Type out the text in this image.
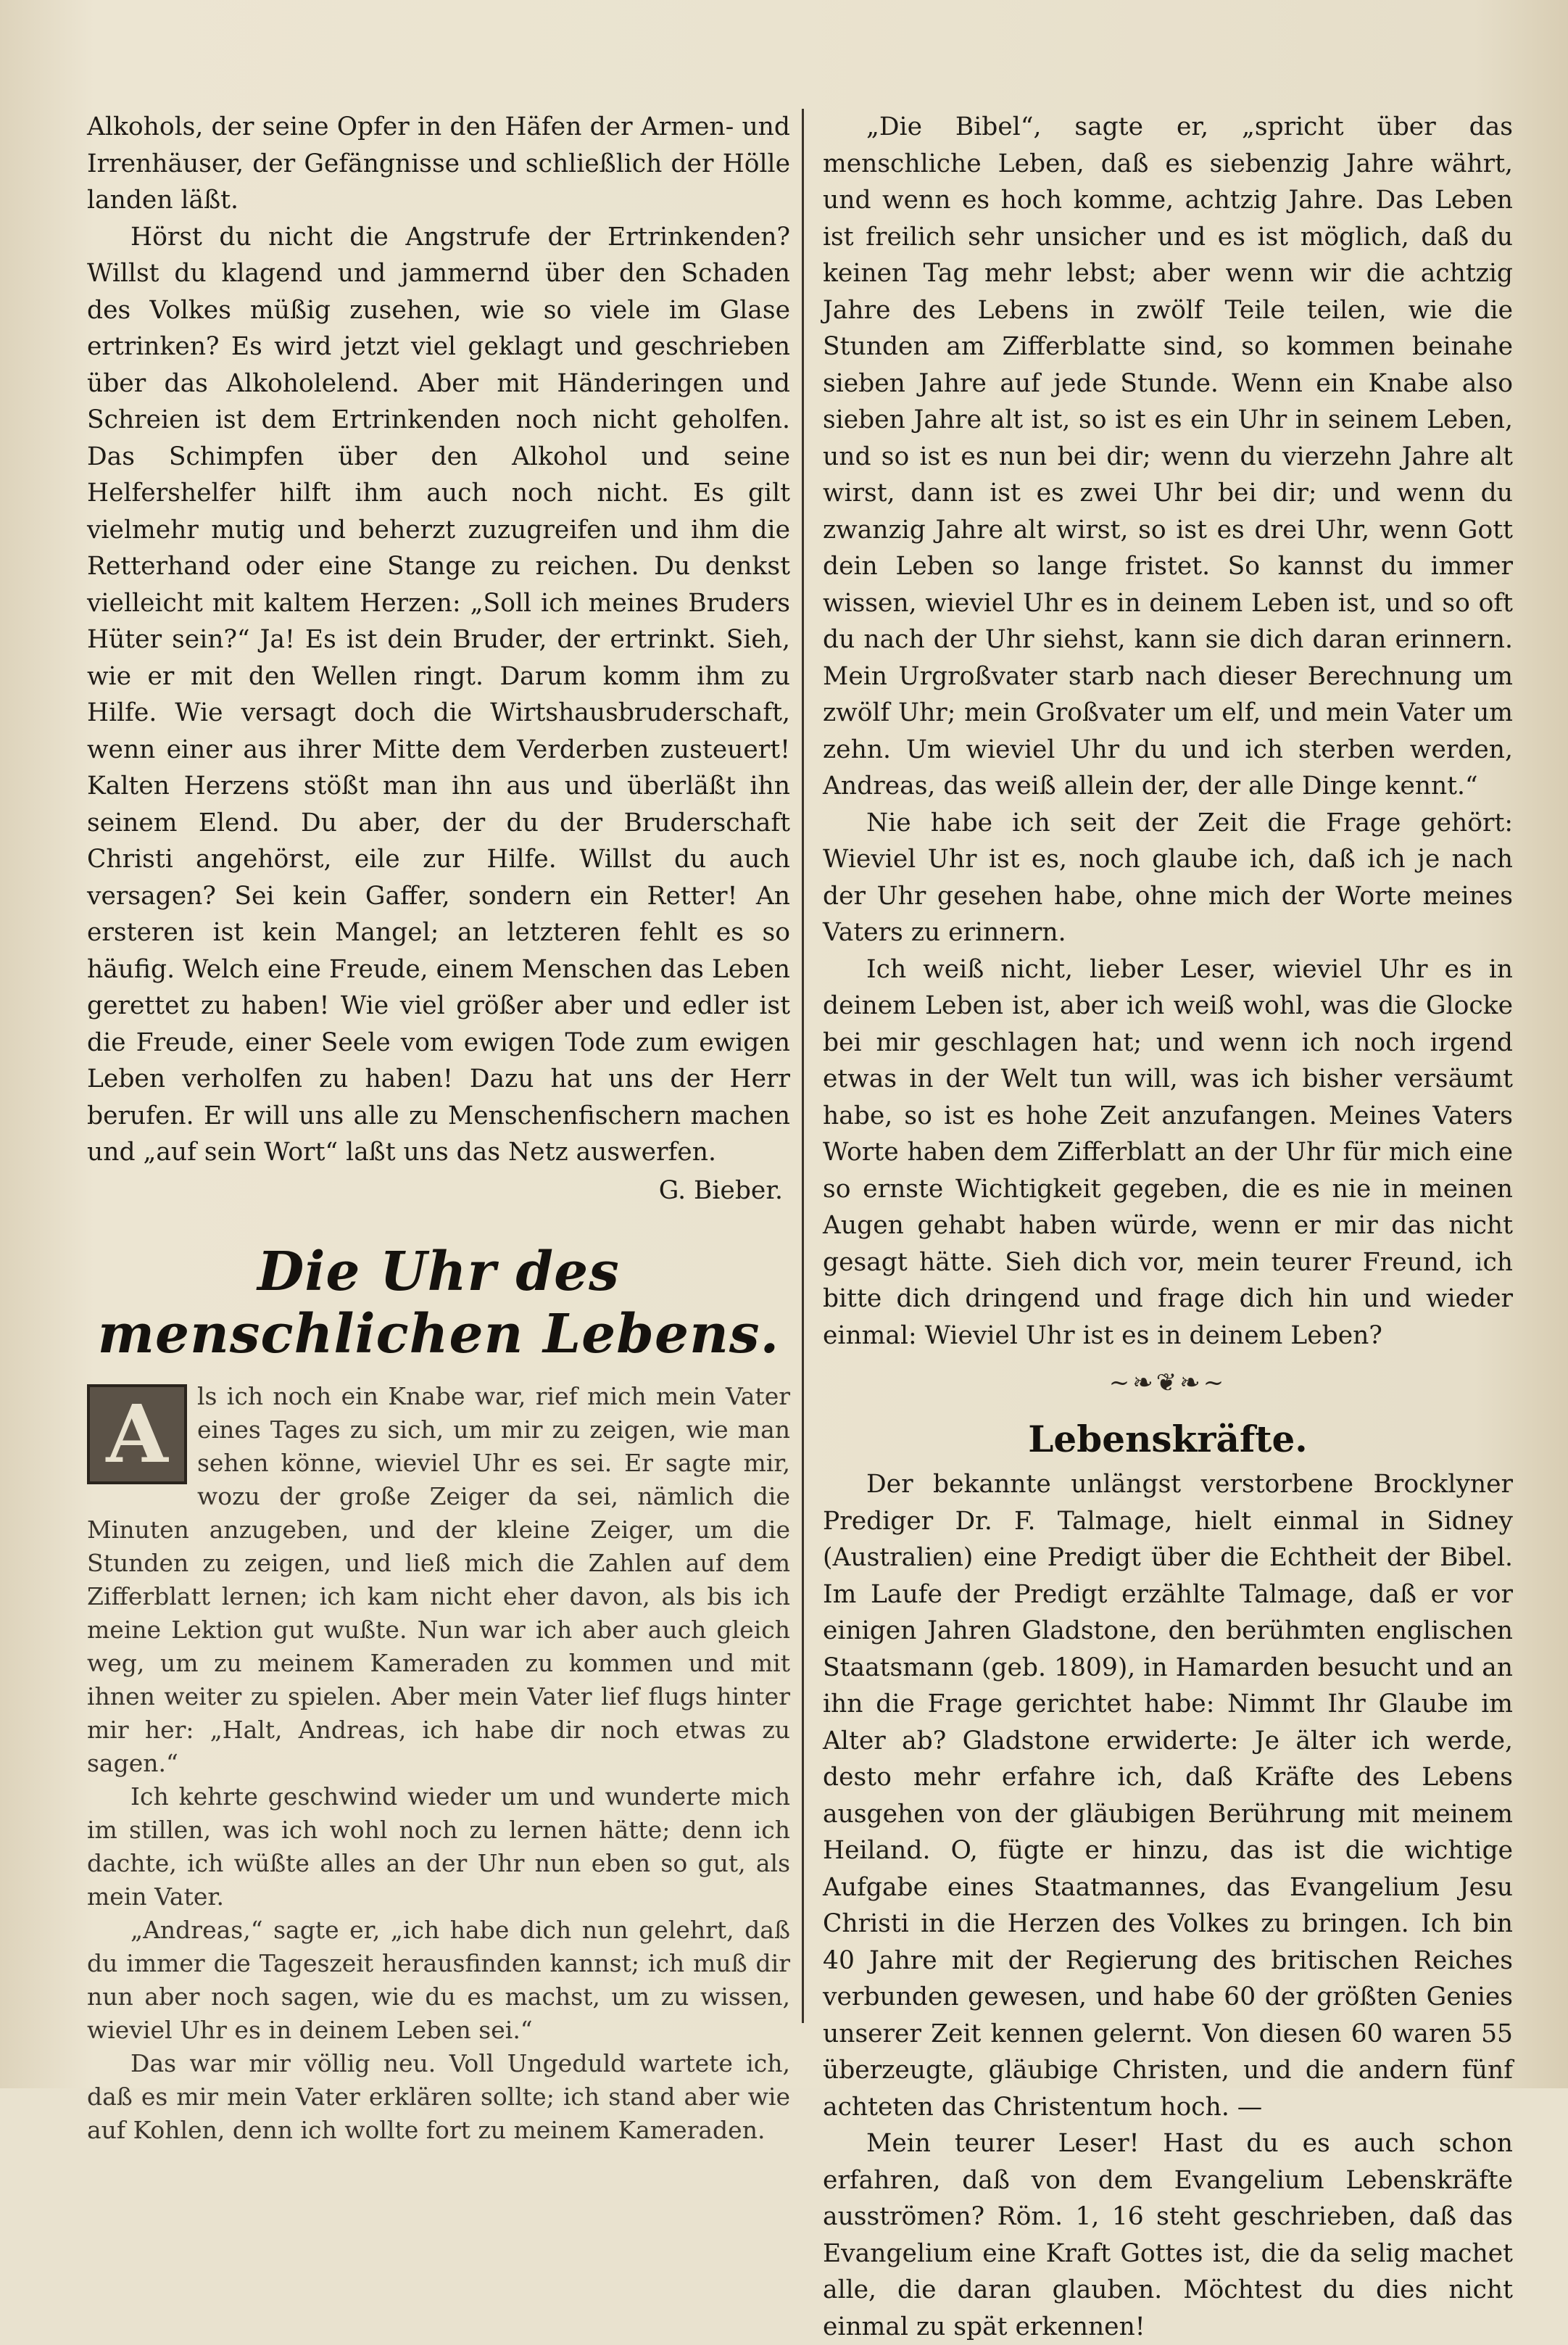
Alkohols, der seine Opfer in den Häfen der Armen- und Irrenhäuser, der Gefängnisse und schließlich der Hölle landen läßt.

Hörst du nicht die Angstrufe der Ertrinkenden? Willst du klagend und jammernd über den Schaden des Volkes müßig zusehen, wie so viele im Glase ertrinken? Es wird jetzt viel geklagt und geschrieben über das Alkoholelend. Aber mit Händeringen und Schreien ist dem Ertrinkenden noch nicht geholfen. Das Schimpfen über den Alkohol und seine Helfershelfer hilft ihm auch noch nicht. Es gilt vielmehr mutig und beherzt zuzugreifen und ihm die Retterhand oder eine Stange zu reichen. Du denkst vielleicht mit kaltem Herzen: „Soll ich meines Bruders Hüter sein?“ Ja! Es ist dein Bruder, der ertrinkt. Sieh, wie er mit den Wellen ringt. Darum komm ihm zu Hilfe. Wie versagt doch die Wirtshausbruderschaft, wenn einer aus ihrer Mitte dem Verderben zusteuert! Kalten Herzens stößt man ihn aus und überläßt ihn seinem Elend. Du aber, der du der Bruderschaft Christi angehörst, eile zur Hilfe. Willst du auch versagen? Sei kein Gaffer, sondern ein Retter! An ersteren ist kein Mangel; an letzteren fehlt es so häufig. Welch eine Freude, einem Menschen das Leben gerettet zu haben! Wie viel größer aber und edler ist die Freude, einer Seele vom ewigen Tode zum ewigen Leben verholfen zu haben! Dazu hat uns der Herr berufen. Er will uns alle zu Menschenfischern machen und „auf sein Wort“ laßt uns das Netz auswerfen.

G. Bieber.

Die Uhr des menschlichen Lebens.
A	ls ich noch ein Knabe war, rief mich mein Vater eines Tages zu sich, um mir zu zeigen, wie man sehen könne, wieviel Uhr es sei. Er sagte mir, wozu der große Zeiger da sei, nämlich die Minuten anzugeben, und der kleine Zeiger, um die Stunden zu zeigen, und ließ mich die Zahlen auf dem Zifferblatt lernen; ich kam nicht eher davon, als bis ich meine Lektion gut wußte. Nun war ich aber auch gleich weg, um zu meinem Kameraden zu kommen und mit ihnen weiter zu spielen. Aber mein Vater lief flugs hinter mir her: „Halt, Andreas, ich habe dir noch etwas zu sagen.“

Ich kehrte geschwind wieder um und wunderte mich im stillen, was ich wohl noch zu lernen hätte; denn ich dachte, ich wüßte alles an der Uhr nun eben so gut, als mein Vater.

„Andreas,“ sagte er, „ich habe dich nun gelehrt, daß du immer die Tageszeit herausfinden kannst; ich muß dir nun aber noch sagen, wie du es machst, um zu wissen, wieviel Uhr es in deinem Leben sei.“

Das war mir völlig neu. Voll Ungeduld wartete ich, daß es mir mein Vater erklären sollte; ich stand aber wie auf Kohlen, denn ich wollte fort zu meinem Kameraden.

„Die Bibel“, sagte er, „spricht über das menschliche Leben, daß es siebenzig Jahre währt, und wenn es hoch komme, achtzig Jahre. Das Leben ist freilich sehr unsicher und es ist möglich, daß du keinen Tag mehr lebst; aber wenn wir die achtzig Jahre des Lebens in zwölf Teile teilen, wie die Stunden am Zifferblatte sind, so kommen beinahe sieben Jahre auf jede Stunde. Wenn ein Knabe also sieben Jahre alt ist, so ist es ein Uhr in seinem Leben, und so ist es nun bei dir; wenn du vierzehn Jahre alt wirst, dann ist es zwei Uhr bei dir; und wenn du zwanzig Jahre alt wirst, so ist es drei Uhr, wenn Gott dein Leben so lange fristet. So kannst du immer wissen, wieviel Uhr es in deinem Leben ist, und so oft du nach der Uhr siehst, kann sie dich daran erinnern. Mein Urgroßvater starb nach dieser Berechnung um zwölf Uhr; mein Großvater um elf, und mein Vater um zehn. Um wieviel Uhr du und ich sterben werden, Andreas, das weiß allein der, der alle Dinge kennt.“

Nie habe ich seit der Zeit die Frage gehört: Wieviel Uhr ist es, noch glaube ich, daß ich je nach der Uhr gesehen habe, ohne mich der Worte meines Vaters zu erinnern.

Ich weiß nicht, lieber Leser, wieviel Uhr es in deinem Leben ist, aber ich weiß wohl, was die Glocke bei mir geschlagen hat; und wenn ich noch irgend etwas in der Welt tun will, was ich bisher versäumt habe, so ist es hohe Zeit anzufangen. Meines Vaters Worte haben dem Zifferblatt an der Uhr für mich eine so ernste Wichtigkeit gegeben, die es nie in meinen Augen gehabt haben würde, wenn er mir das nicht gesagt hätte. Sieh dich vor, mein teurer Freund, ich bitte dich dringend und frage dich hin und wieder einmal: Wieviel Uhr ist es in deinem Leben?

~❧❦❧~
Lebenskräfte.

Der bekannte unlängst verstorbene Brocklyner Prediger Dr. F. Talmage, hielt einmal in Sidney (Australien) eine Predigt über die Echtheit der Bibel. Im Laufe der Predigt erzählte Talmage, daß er vor einigen Jahren Gladstone, den berühmten englischen Staatsmann (geb. 1809), in Hamarden besucht und an ihn die Frage gerichtet habe: Nimmt Ihr Glaube im Alter ab? Gladstone erwiderte: Je älter ich werde, desto mehr erfahre ich, daß Kräfte des Lebens ausgehen von der gläubigen Berührung mit meinem Heiland. O, fügte er hinzu, das ist die wichtige Aufgabe eines Staatmannes, das Evangelium Jesu Christi in die Herzen des Volkes zu bringen. Ich bin 40 Jahre mit der Regierung des britischen Reiches verbunden gewesen, und habe 60 der größten Genies unserer Zeit kennen gelernt. Von diesen 60 waren 55 überzeugte, gläubige Christen, und die andern fünf achteten das Christentum hoch. —

Mein teurer Leser! Hast du es auch schon erfahren, daß von dem Evangelium Lebenskräfte ausströmen? Röm. 1, 16 steht geschrieben, daß das Evangelium eine Kraft Gottes ist, die da selig machet alle, die daran glauben. Möchtest du dies nicht einmal zu spät erkennen!
